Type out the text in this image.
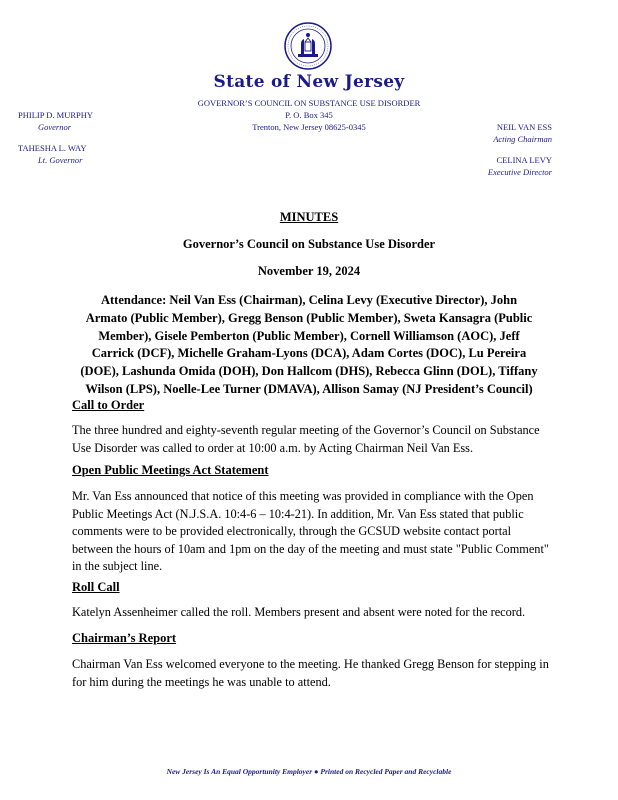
State of New Jersey
GOVERNOR’S COUNCIL ON SUBSTANCE USE DISORDER
P. O. Box 345
Trenton, New Jersey 08625-0345
PHILIP D. MURPHY
Governor
TAHESHA L. WAY
Lt. Governor
NEIL VAN ESS
Acting Chairman
CELINA LEVY
Executive Director
MINUTES
Governor’s Council on Substance Use Disorder
November 19, 2024
Attendance: Neil Van Ess (Chairman), Celina Levy (Executive Director), John Armato (Public Member), Gregg Benson (Public Member), Sweta Kansagra (Public Member), Gisele Pemberton (Public Member), Cornell Williamson (AOC), Jeff Carrick (DCF), Michelle Graham-Lyons (DCA), Adam Cortes (DOC), Lu Pereira (DOE), Lashunda Omida (DOH), Don Hallcom (DHS), Rebecca Glinn (DOL), Tiffany Wilson (LPS), Noelle-Lee Turner (DMAVA), Allison Samay (NJ President’s Council)
Call to Order
The three hundred and eighty-seventh regular meeting of the Governor’s Council on Substance Use Disorder was called to order at 10:00 a.m. by Acting Chairman Neil Van Ess.
Open Public Meetings Act Statement
Mr. Van Ess announced that notice of this meeting was provided in compliance with the Open Public Meetings Act (N.J.S.A. 10:4-6 – 10:4-21). In addition, Mr. Van Ess stated that public comments were to be provided electronically, through the GCSUD website contact portal between the hours of 10am and 1pm on the day of the meeting and must state "Public Comment" in the subject line.
Roll Call
Katelyn Assenheimer called the roll. Members present and absent were noted for the record.
Chairman’s Report
Chairman Van Ess welcomed everyone to the meeting. He thanked Gregg Benson for stepping in for him during the meetings he was unable to attend.
New Jersey Is An Equal Opportunity Employer ● Printed on Recycled Paper and Recyclable
